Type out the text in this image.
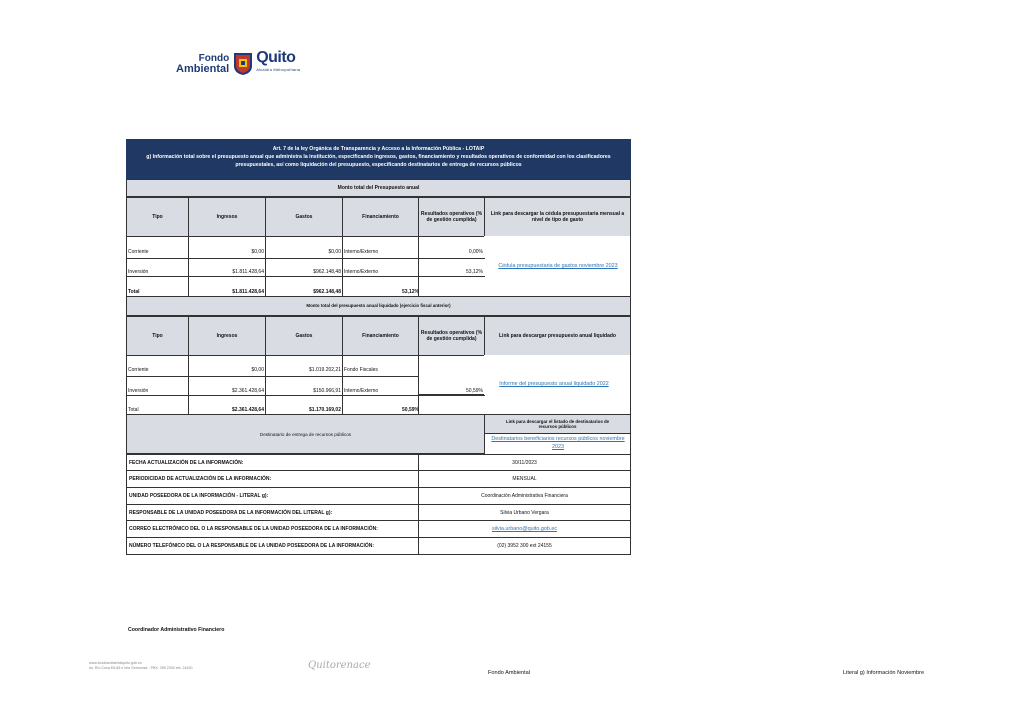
Fondo
Ambiental
Quito
Alcaldía Metropolitana
Art. 7 de la ley Orgánica de Transparencia y Acceso a la Información Pública - LOTAIP
g) Información total sobre el presupuesto anual que administra la institución, especificando ingresos, gastos, financiamiento y resultados operativos de conformidad con los clasificadores
presupuestales, así como liquidación del presupuesto, especificando destinatarios de entrega de recursos públicos
Monto total del Presupuesto anual
Tipo	Ingresos	Gastos	Financiamiento	Resultados operativos (% de gestión cumplida)
Link para descargar la cédula presupuestaria mensual a nivel de tipo de gasto
Corriente	$0,00	$0,00 Interno/Externo	0,00%
Inversión	$1.811.428,64	$962.148,48 Interno/Externo	53,12%
Total	$1.811.428,64	$962.148,48	53,12%
Cédula presupuestaria de gastos noviembre 2023
Monto total del presupuesto anual liquidado (ejercicio fiscal anterior)
Tipo	Ingresos	Gastos	Financiamiento	Resultados operativos (% de gestión cumplida)	Link para descargar presupuesto anual liquidado
Corriente	$0,00	$1.019.202,21 Fondo Fiscales
Inversión	$2.361.428,64	$150.966,91 Interno/Externo	50,59%
Total	$2.361.428,64	$1.170.169,02	50,59%
Informe del presupuesto anual liquidado 2022
Destinatario de entrega de recursos públicos
Link para descargar el listado de destinatarios de recursos públicos
Destinatarios beneficiarios recursos públicos noviembre 2023
FECHA ACTUALIZACIÓN DE LA INFORMACIÓN:	30/11/2023
PERIODICIDAD DE ACTUALIZACIÓN DE LA INFORMACIÓN:	MENSUAL
UNIDAD POSEEDORA DE LA INFORMACIÓN - LITERAL g):	Coordinación Administrativa Financiera
RESPONSABLE DE LA UNIDAD POSEEDORA DE LA INFORMACIÓN DEL LITERAL g):	Silvia Urbano Vergara
CORREO ELECTRÓNICO DEL O LA RESPONSABLE DE LA UNIDAD POSEEDORA DE LA INFORMACIÓN:	silvia.urbano@quito.gob.ec
NÚMERO TELEFÓNICO DEL O LA RESPONSABLE DE LA UNIDAD POSEEDORA DE LA INFORMACIÓN:	(02) 3952 300 ext 24155
Coordinador Administrativo Financiero
www.fondoambientalquito.gob.ec
Av. Río Coca E6-85 e Isla Genovesa - PBX: 395 2300 ext. 24450	Quitorenace
Fondo Ambiental	Literal g) Información Noviembre
